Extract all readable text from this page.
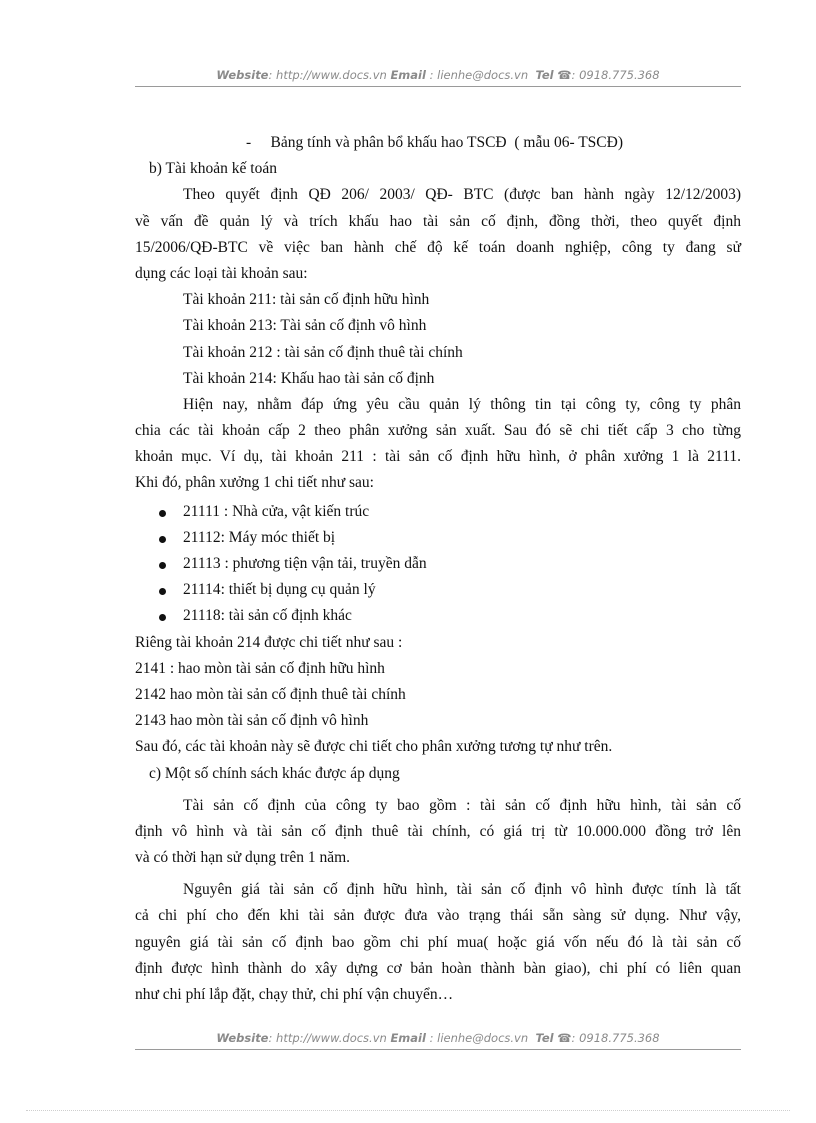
Website: http://www.docs.vn Email : lienhe@docs.vn Tel ☎: 0918.775.368
-     Bảng tính và phân bổ khấu hao TSCĐ  ( mẫu 06- TSCĐ)
b) Tài khoản kế toán
Theo quyết định QĐ 206/ 2003/ QĐ- BTC (được ban hành ngày 12/12/2003)
về vấn đề quản lý và trích khấu hao tài sản cố định, đồng thời, theo quyết định
15/2006/QĐ-BTC về việc ban hành chế độ kế toán doanh nghiệp, công ty đang sử
dụng các loại tài khoản sau:
Tài khoản 211: tài sản cố định hữu hình
Tài khoản 213: Tài sản cố định vô hình
Tài khoản 212 : tài sản cố định thuê tài chính
Tài khoản 214: Khấu hao tài sản cố định
Hiện nay, nhằm đáp ứng yêu cầu quản lý thông tin tại công ty, công ty phân
chia các tài khoản cấp 2 theo phân xưởng sản xuất. Sau đó sẽ chi tiết cấp 3 cho từng
khoản mục. Ví dụ, tài khoản 211 : tài sản cố định hữu hình, ở phân xưởng 1 là 2111.
Khi đó, phân xưởng 1 chi tiết như sau:
21111 : Nhà cửa, vật kiến trúc
21112: Máy móc thiết bị
21113 : phương tiện vận tải, truyền dẫn
21114: thiết bị dụng cụ quản lý
21118: tài sản cố định khác
Riêng tài khoản 214 được chi tiết như sau :
2141 : hao mòn tài sản cố định hữu hình
2142 hao mòn tài sản cố định thuê tài chính
2143 hao mòn tài sản cố định vô hình
Sau đó, các tài khoản này sẽ được chi tiết cho phân xưởng tương tự như trên.
c) Một số chính sách khác được áp dụng
Tài sản cố định của công ty bao gồm : tài sản cố định hữu hình, tài sản cố
định vô hình và tài sản cố định thuê tài chính, có giá trị từ 10.000.000 đồng trở lên
và có thời hạn sử dụng trên 1 năm.
Nguyên giá tài sản cố định hữu hình, tài sản cố định vô hình được tính là tất
cả chi phí cho đến khi tài sản được đưa vào trạng thái sẵn sàng sử dụng. Như vậy,
nguyên giá tài sản cố định bao gồm chi phí mua( hoặc giá vốn nếu đó là tài sản cố
định được hình thành do xây dựng cơ bản hoàn thành bàn giao), chi phí có liên quan
như chi phí lắp đặt, chạy thử, chi phí vận chuyển…
Website: http://www.docs.vn Email : lienhe@docs.vn Tel ☎: 0918.775.368
